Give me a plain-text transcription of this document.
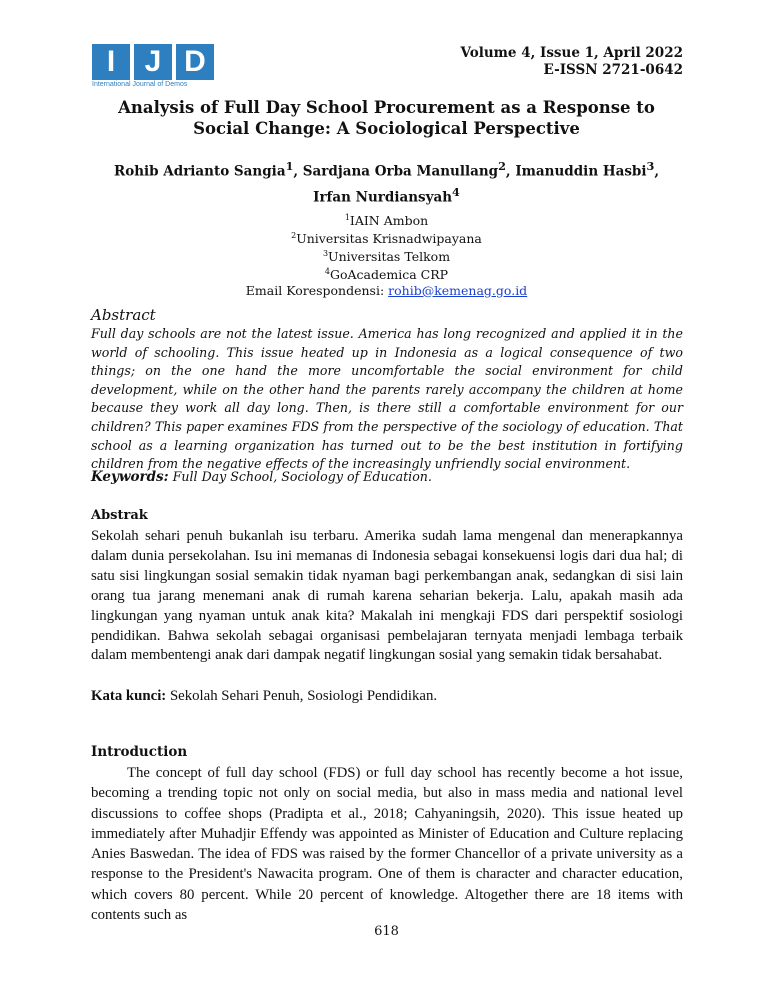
I J D
International Journal of Demos
Volume 4, Issue 1, April 2022
E-ISSN 2721-0642
Analysis of Full Day School Procurement as a Response to Social Change: A Sociological Perspective
Rohib Adrianto Sangia$^1$, Sardjana Orba Manullang$^2$, Imanuddin Hasbi$^3$,
Irfan Nurdiansyah$^4$
$^1$IAIN Ambon
$^2$Universitas Krisnadwipayana
$^3$Universitas Telkom
$^4$GoAcademica CRP
Email Korespondensi: rohib@kemenag.go.id
Abstract

Full day schools are not the latest issue. America has long recognized and applied it in the world of schooling. This issue heated up in Indonesia as a logical consequence of two things; on the one hand the more uncomfortable the social environment for child development, while on the other hand the parents rarely accompany the children at home because they work all day long. Then, is there still a comfortable environment for our children? This paper examines FDS from the perspective of the sociology of education. That school as a learning organization has turned out to be the best institution in fortifying children from the negative effects of the increasingly unfriendly social environment.

Keywords: Full Day School, Sociology of Education.
Abstrak

Sekolah sehari penuh bukanlah isu terbaru. Amerika sudah lama mengenal dan menerapkannya dalam dunia persekolahan. Isu ini memanas di Indonesia sebagai konsekuensi logis dari dua hal; di satu sisi lingkungan sosial semakin tidak nyaman bagi perkembangan anak, sedangkan di sisi lain orang tua jarang menemani anak di rumah karena seharian bekerja. Lalu, apakah masih ada lingkungan yang nyaman untuk anak kita? Makalah ini mengkaji FDS dari perspektif sosiologi pendidikan. Bahwa sekolah sebagai organisasi pembelajaran ternyata menjadi lembaga terbaik dalam membentengi anak dari dampak negatif lingkungan sosial yang semakin tidak bersahabat.

Kata kunci: Sekolah Sehari Penuh, Sosiologi Pendidikan.
Introduction

The concept of full day school (FDS) or full day school has recently become a hot issue, becoming a trending topic not only on social media, but also in mass media and national level discussions to coffee shops (Pradipta et al., 2018; Cahyaningsih, 2020). This issue heated up immediately after Muhadjir Effendy was appointed as Minister of Education and Culture replacing Anies Baswedan. The idea of FDS was raised by the former Chancellor of a private university as a response to the President's Nawacita program. One of them is character and character education, which covers 80 percent. While 20 percent of knowledge. Altogether there are 18 items with contents such as

618
